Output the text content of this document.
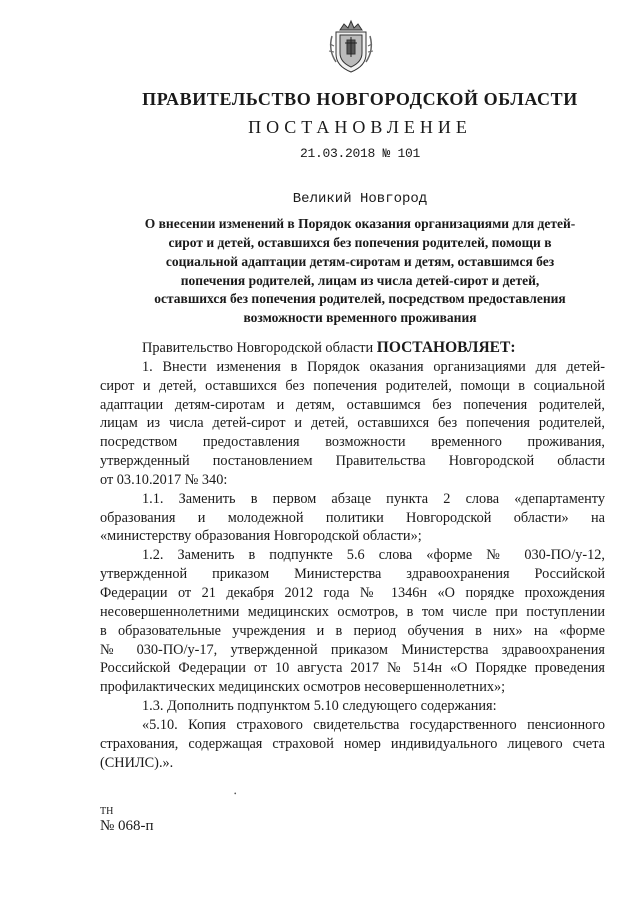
ПРАВИТЕЛЬСТВО НОВГОРОДСКОЙ ОБЛАСТИ
ПОСТАНОВЛЕНИЕ
21.03.2018 № 101
Великий Новгород
О внесении изменений в Порядок оказания организациями для детей-
сирот и детей, оставшихся без попечения родителей, помощи в
социальной адаптации детям-сиротам и детям, оставшимся без
попечения родителей, лицам из числа детей-сирот и детей,
оставшихся без попечения родителей, посредством предоставления
возможности временного проживания
Правительство Новгородской области ПОСТАНОВЛЯЕТ:
1. Внести изменения в Порядок оказания организациями для детей-
сирот и детей, оставшихся без попечения родителей, помощи в социальной
адаптации детям-сиротам и детям, оставшимся без попечения родителей,
лицам из числа детей-сирот и детей, оставшихся без попечения родителей,
посредством предоставления возможности временного проживания,
утвержденный постановлением Правительства Новгородской области
от 03.10.2017 № 340:
1.1. Заменить в первом абзаце пункта 2 слова «департаменту
образования и молодежной политики Новгородской области» на
«министерству образования Новгородской области»;
1.2. Заменить в подпункте 5.6 слова «форме № 030-ПО/у-12,
утвержденной приказом Министерства здравоохранения Российской
Федерации от 21 декабря 2012 года № 1346н «О порядке прохождения
несовершеннолетними медицинских осмотров, в том числе при поступлении
в образовательные учреждения и в период обучения в них» на «форме
№ 030-ПО/у-17, утвержденной приказом Министерства здравоохранения
Российской Федерации от 10 августа 2017 № 514н «О Порядке проведения
профилактических медицинских осмотров несовершеннолетних»;
1.3. Дополнить подпунктом 5.10 следующего содержания:
«5.10. Копия страхового свидетельства государственного пенсионного
страхования, содержащая страховой номер индивидуального лицевого счета
(СНИЛС).».
•
ТН
№ 068-п
